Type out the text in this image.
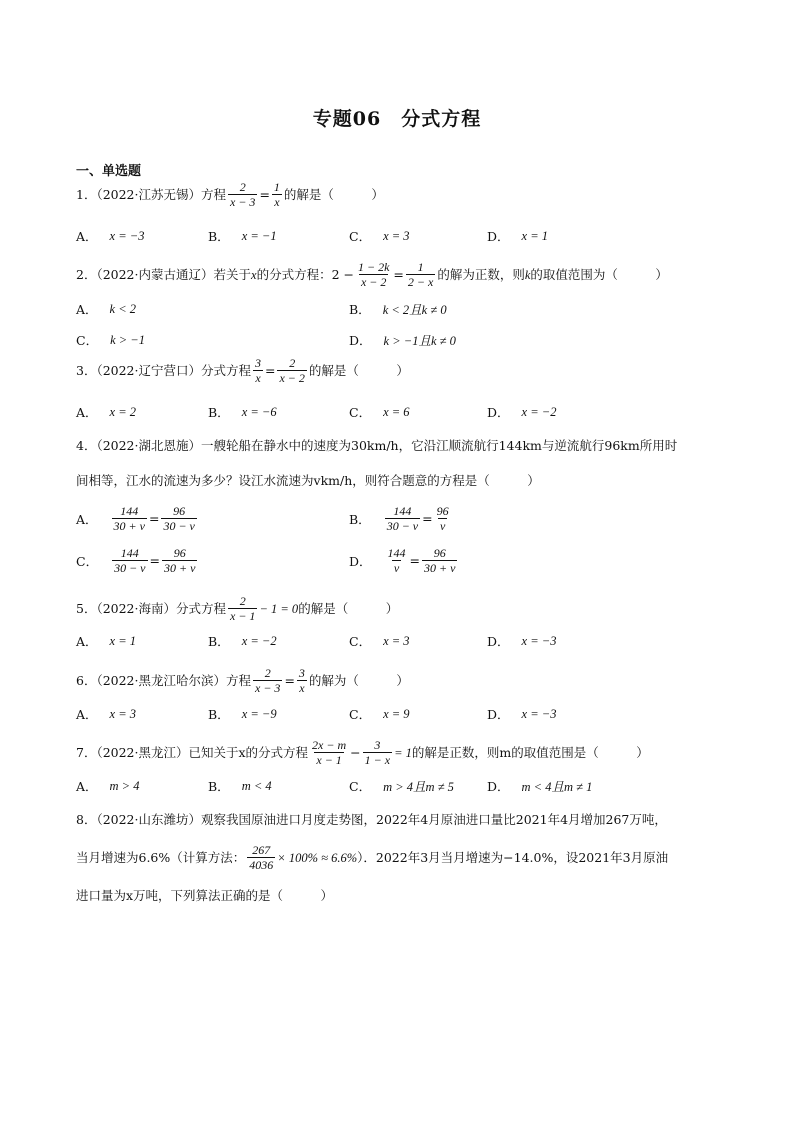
专题06　分式方程
一、单选题
1．（2022·江苏无锡）方程 $\frac{2}{x - 3} = \frac{1}{x}$ 的解是（　　　）
A． x = −3	B． x = −1	C． x = 3	D． x = 1
2．（2022·内蒙古通辽）若关于 x 的分式方程：$2 - \frac{1 - 2k}{x - 2} = \frac{1}{2 - x}$ 的解为正数，则 k 的取值范围为（　　　）
A． k < 2	B． k < 2且k ≠ 0
C． k > −1	D． k > −1且k ≠ 0
3．（2022·辽宁营口）分式方程 $\frac{3}{x} = \frac{2}{x - 2}$ 的解是（　　　）
A． x = 2	B． x = −6	C． x = 6	D． x = −2
4．（2022·湖北恩施）一艘轮船在静水中的速度为30km/h，它沿江顺流航行144km与逆流航行96km所用时
间相等，江水的流速为多少？设江水流速为vkm/h，则符合题意的方程是（　　　）
A． $\frac{144}{30 + v} = \frac{96}{30 - v}$	B． $\frac{144}{30 - v} = \frac{96}{v}$
C． $\frac{144}{30 - v} = \frac{96}{30 + v}$	D． $\frac{144}{v} = \frac{96}{30 + v}$
5．（2022·海南）分式方程 $\frac{2}{x - 1} - 1 = 0$ 的解是（　　　）
A． x = 1	B． x = −2	C． x = 3	D． x = −3
6．（2022·黑龙江哈尔滨）方程 $\frac{2}{x - 3} = \frac{3}{x}$ 的解为（　　　）
A． x = 3	B． x = −9	C． x = 9	D． x = −3
7．（2022·黑龙江）已知关于x的分式方程 $\frac{2x - m}{x - 1} - \frac{3}{1 - x} = 1$ 的解是正数，则m的取值范围是（　　　）
A． m > 4	B． m < 4	C． m > 4且m ≠ 5	D． m < 4且m ≠ 1
8．（2022·山东潍坊）观察我国原油进口月度走势图，2022年4月原油进口量比2021年4月增加267万吨，
当月增速为6.6%（计算方法： $\frac{267}{4036} \times 100\% \approx 6.6\%$ ）．2022年3月当月增速为−14.0%，设2021年3月原油
进口量为x万吨，下列算法正确的是（　　　）
